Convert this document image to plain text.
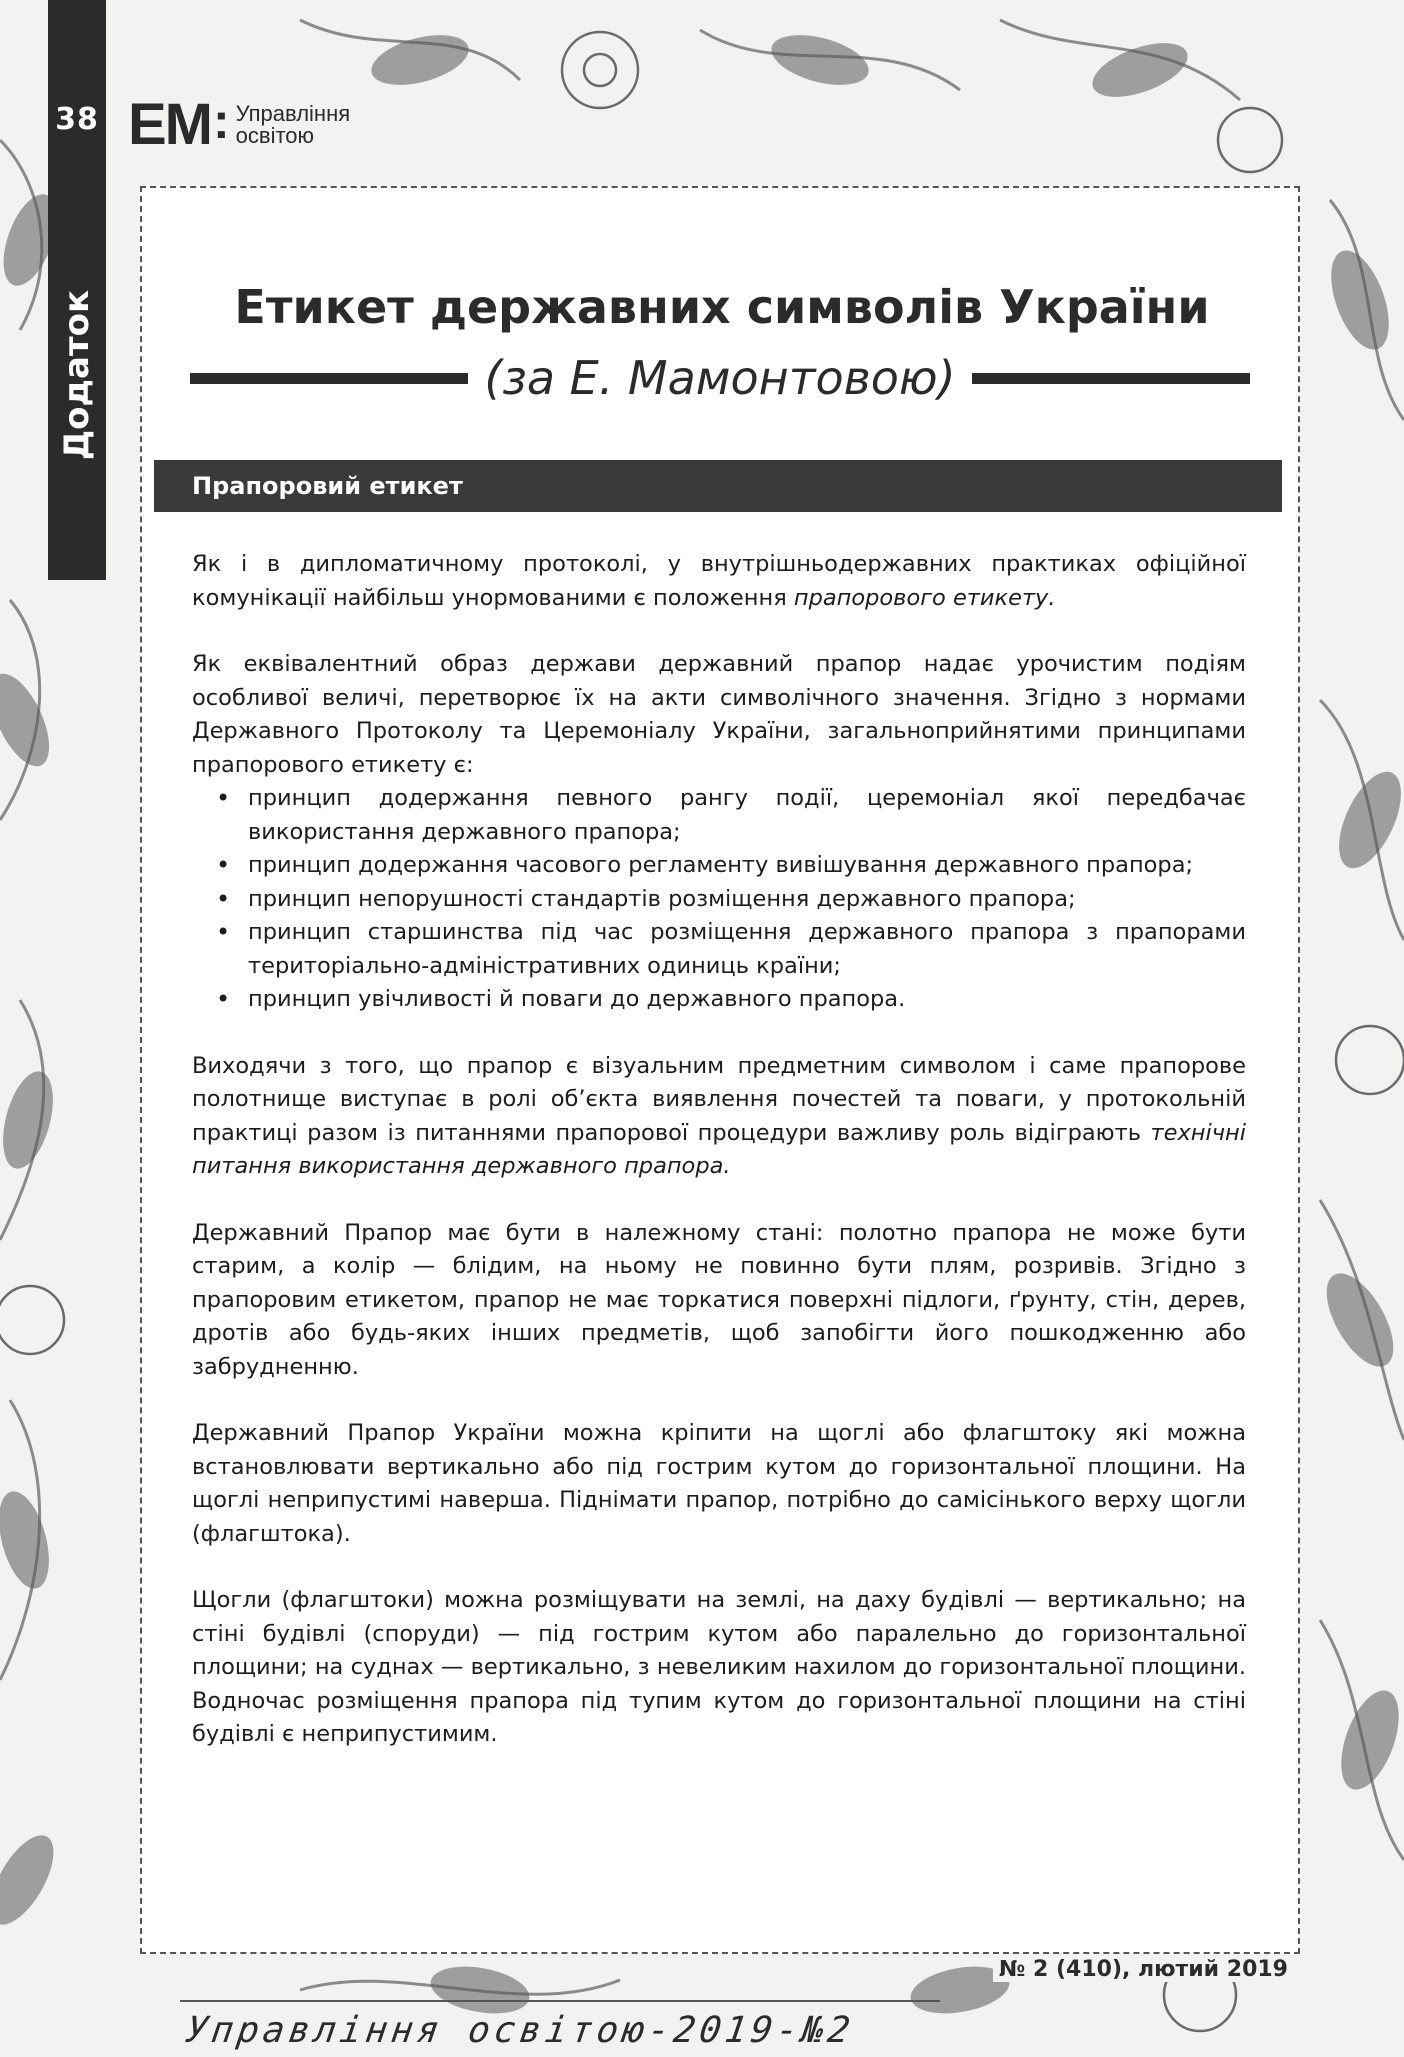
38
Додаток
EM : Управління
освітою
Етикет державних символів України
(за Е. Мамонтовою)
Прапоровий етикет

Як і в дипломатичному протоколі, у внутрішньодержавних практиках офіційної комунікації найбільш унормованими є положення прапорового етикету.

Як еквівалентний образ держави державний прапор надає урочистим подіям особливої величі, перетворює їх на акти символічного значення. Згідно з нормами Державного Протоколу та Церемоніалу України, загальноприйнятими принципами прапорового етикету є:

• принцип додержання певного рангу події, церемоніал якої передбачає використання державного прапора;
• принцип додержання часового регламенту вивішування державного прапора;
• принцип непорушності стандартів розміщення державного прапора;
• принцип старшинства під час розміщення державного прапора з прапорами територіально-адміністративних одиниць країни;
• принцип увічливості й поваги до державного прапора.

Виходячи з того, що прапор є візуальним предметним символом і саме прапорове полотнище виступає в ролі об’єкта виявлення почестей та поваги, у протокольній практиці разом із питаннями прапорової процедури важливу роль відіграють технічні питання використання державного прапора.

Державний Прапор має бути в належному стані: полотно прапора не може бути старим, а колір — блідим, на ньому не повинно бути плям, розривів. Згідно з прапоровим етикетом, прапор не має торкатися поверхні підлоги, ґрунту, стін, дерев, дротів або будь-яких інших предметів, щоб запобігти його пошкодженню або забрудненню.

Державний Прапор України можна кріпити на щоглі або флагштоку які можна встановлювати вертикально або під гострим кутом до горизонтальної площини. На щоглі неприпустимі наверша. Піднімати прапор, потрібно до самісінького верху щогли (флагштока).

Щогли (флагштоки) можна розміщувати на землі, на даху будівлі — вертикально; на стіні будівлі (споруди) — під гострим кутом або паралельно до горизонтальної площини; на суднах — вертикально, з невеликим нахилом до горизонтальної площини. Водночас розміщення прапора під тупим кутом до горизонтальної площини на стіні будівлі є неприпустимим.

№ 2 (410), лютий 2019
Управління освітою-2019-№2
